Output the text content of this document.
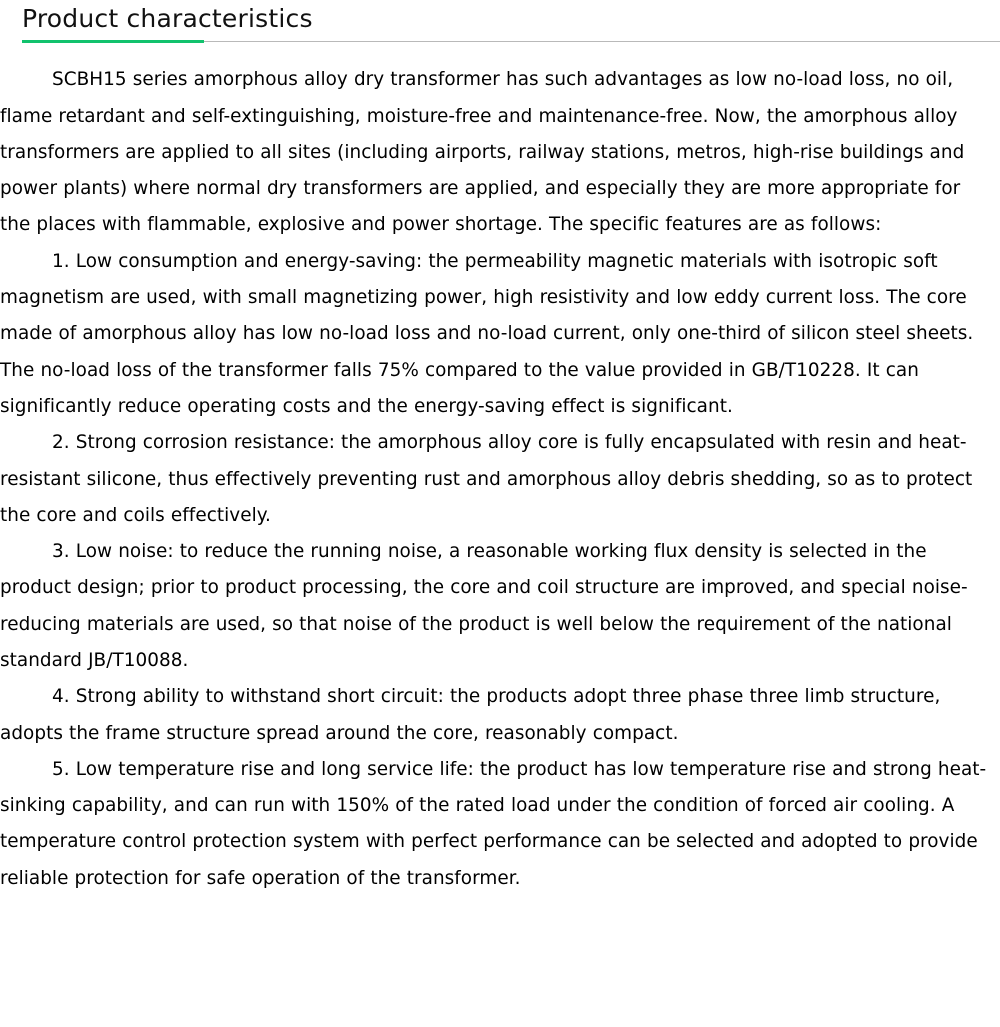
Product characteristics

SCBH15 series amorphous alloy dry transformer has such advantages as low no-load loss, no oil, flame retardant and self-extinguishing, moisture-free and maintenance-free. Now, the amorphous alloy transformers are applied to all sites (including airports, railway stations, metros, high-rise buildings and power plants) where normal dry transformers are applied, and especially they are more appropriate for the places with flammable, explosive and power shortage. The specific features are as follows:

1. Low consumption and energy-saving: the permeability magnetic materials with isotropic soft magnetism are used, with small magnetizing power, high resistivity and low eddy current loss. The core made of amorphous alloy has low no-load loss and no-load current, only one-third of silicon steel sheets. The no-load loss of the transformer falls 75% compared to the value provided in GB/T10228. It can significantly reduce operating costs and the energy-saving effect is significant.

2. Strong corrosion resistance: the amorphous alloy core is fully encapsulated with resin and heat-resistant silicone, thus effectively preventing rust and amorphous alloy debris shedding, so as to protect the core and coils effectively.

3. Low noise: to reduce the running noise, a reasonable working flux density is selected in the product design; prior to product processing, the core and coil structure are improved, and special noise-reducing materials are used, so that noise of the product is well below the requirement of the national standard JB/T10088.

4. Strong ability to withstand short circuit: the products adopt three phase three limb structure, adopts the frame structure spread around the core, reasonably compact.

5. Low temperature rise and long service life: the product has low temperature rise and strong heat-sinking capability, and can run with 150% of the rated load under the condition of forced air cooling. A temperature control protection system with perfect performance can be selected and adopted to provide reliable protection for safe operation of the transformer.
